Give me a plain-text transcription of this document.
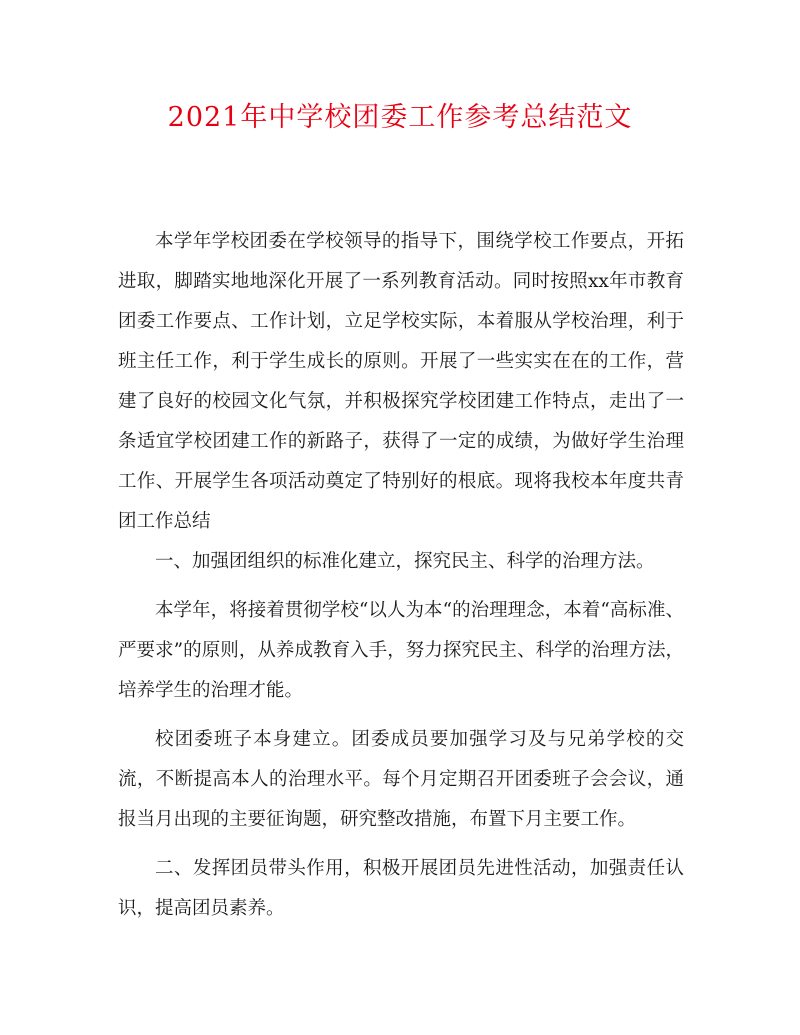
2021年中学校团委工作参考总结范文

本学年学校团委在学校领导的指导下，围绕学校工作要点，开拓进取，脚踏实地地深化开展了一系列教育活动。同时按照xx年市教育团委工作要点、工作计划，立足学校实际，本着服从学校治理，利于班主任工作，利于学生成长的原则。开展了一些实实在在的工作，营建了良好的校园文化气氛，并积极探究学校团建工作特点，走出了一条适宜学校团建工作的新路子，获得了一定的成绩，为做好学生治理工作、开展学生各项活动奠定了特别好的根底。现将我校本年度共青团工作总结

一、加强团组织的标准化建立，探究民主、科学的治理方法。

本学年，将接着贯彻学校“以人为本“的治理理念，本着“高标准、严要求”的原则，从养成教育入手，努力探究民主、科学的治理方法，培养学生的治理才能。

校团委班子本身建立。团委成员要加强学习及与兄弟学校的交流，不断提高本人的治理水平。每个月定期召开团委班子会会议，通报当月出现的主要征询题，研究整改措施，布置下月主要工作。

二、发挥团员带头作用，积极开展团员先进性活动，加强责任认识，提高团员素养。
